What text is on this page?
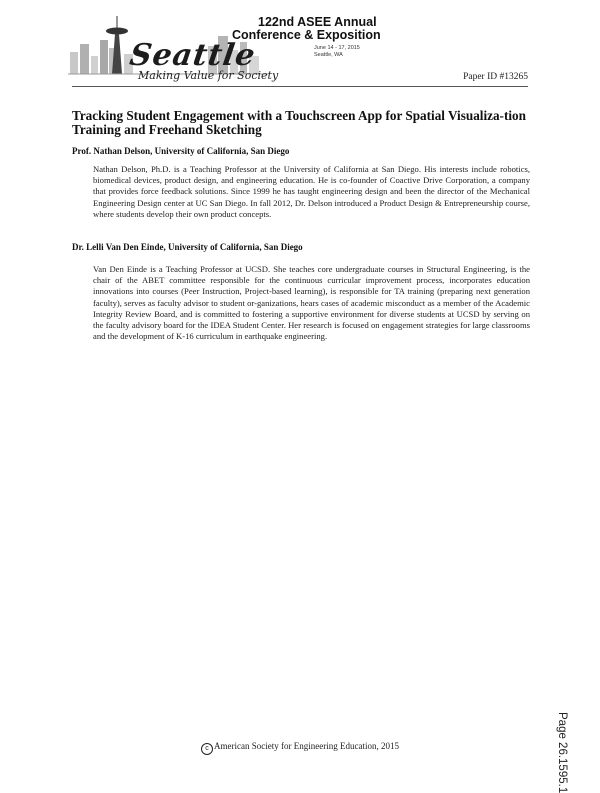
Seattle
Making Value for Society
122nd ASEE Annual
Conference & Exposition
June 14 - 17, 2015
Seattle, WA
Paper ID #13265
Tracking Student Engagement with a Touchscreen App for Spatial Visualiza-tion Training and Freehand Sketching
Prof. Nathan Delson, University of California, San Diego

Nathan Delson, Ph.D. is a Teaching Professor at the University of California at San Diego. His interests include robotics, biomedical devices, product design, and engineering education. He is co-founder of Coactive Drive Corporation, a company that provides force feedback solutions. Since 1999 he has taught engineering design and been the director of the Mechanical Engineering Design center at UC San Diego. In fall 2012, Dr. Delson introduced a Product Design & Entrepreneurship course, where students develop their own product concepts.

Dr. Lelli Van Den Einde, University of California, San Diego

Van Den Einde is a Teaching Professor at UCSD. She teaches core undergraduate courses in Structural Engineering, is the chair of the ABET committee responsible for the continuous curricular improvement process, incorporates education innovations into courses (Peer Instruction, Project-based learning), is responsible for TA training (preparing next generation faculty), serves as faculty advisor to student or-ganizations, hears cases of academic misconduct as a member of the Academic Integrity Review Board, and is committed to fostering a supportive environment for diverse students at UCSD by serving on the faculty advisory board for the IDEA Student Center. Her research is focused on engagement strategies for large classrooms and the development of K-16 curriculum in earthquake engineering.

Page 26.1595.1
c American Society for Engineering Education, 2015
